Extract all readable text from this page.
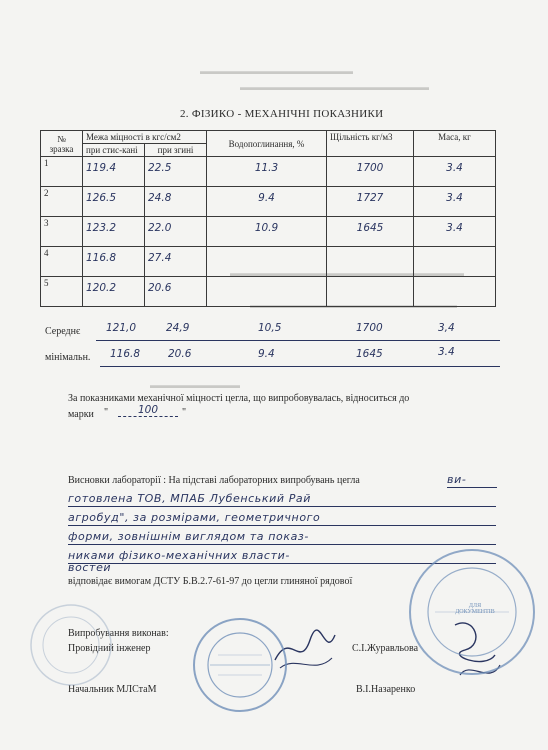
▬▬▬▬▬▬▬▬▬▬▬▬▬▬▬▬▬
▬▬▬▬▬▬▬▬▬▬▬▬▬▬▬▬▬▬▬▬▬
▬▬▬▬▬▬▬▬▬▬▬▬▬▬▬▬▬▬▬▬▬▬▬▬▬▬
▬▬▬▬▬▬▬▬▬▬▬▬▬▬▬▬▬▬▬▬▬▬▬
▬▬▬▬▬▬▬▬▬▬
2. ФІЗИКО - МЕХАНІЧНІ ПОКАЗНИКИ
№
зразка	Межа міцності в кгс/см2		Водопоглинання, %	Щільність кг/м3	Маса, кг
	при стис-кані	при згині			
1	119.4	22.5	11.3	1700	3.4
2	126.5	24.8	9.4	1727	3.4
3	123.2	22.0	10.9	1645	3.4
4	116.8	27.4			
5	120.2	20.6			
Середнє 121,0	24,9	10,5	1700	3,4
мінімальн. 116.8	20.6	9.4	1645	3.4
За показниками механічної міцності цегла, що випробовувалась, відноситься до
марки "	100	"
Висновки лабораторії : На підставі лабораторних випробувань цегла	ви-
готовлена ТОВ, МПАБ Лубенський Рай
агробуд", за розмірами, геометричного
форми, зовнішнім виглядом та показ-
никами фізико-механічних власти-
востей
відповідає вимогам ДСТУ Б.В.2.7-61-97 до цегли глиняної рядової
Випробування виконав:
Провідний інженер	С.І.Журавльова
Начальник МЛСтаМ	В.І.Назаренко
ДЛЯ ДОКУМЕНТІВ
